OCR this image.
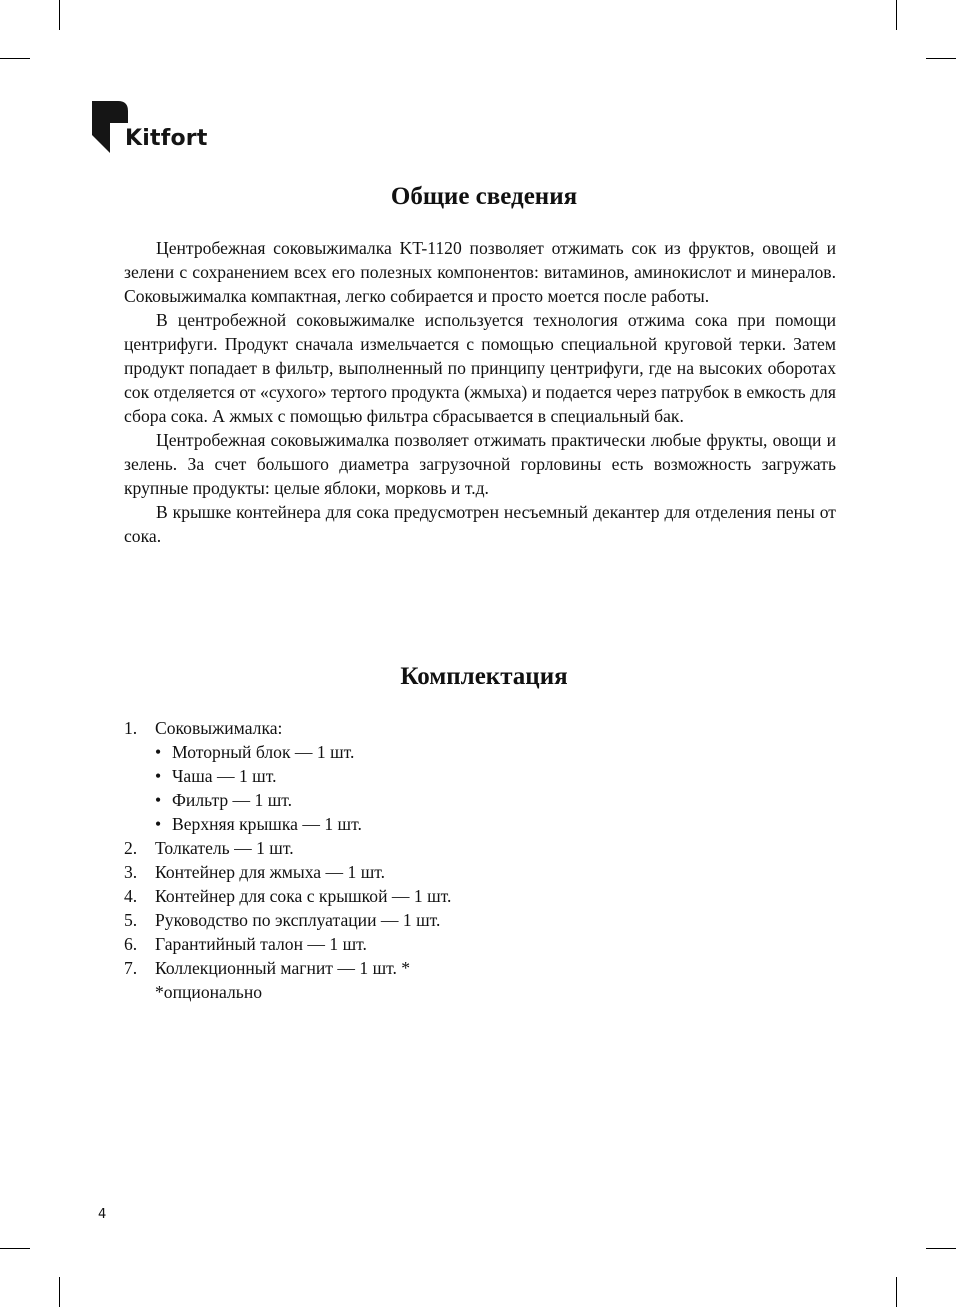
Kitfort
Общие сведения

Центробежная соковыжималка KT-1120 позволяет отжимать сок из фруктов, овощей и зелени с сохранением всех его полезных компонентов: витаминов, аминокислот и минералов. Соковыжималка компактная, легко собирается и просто моется после работы.

В центробежной соковыжималке используется технология отжима сока при помощи центрифуги. Продукт сначала измельчается с помощью специальной круговой терки. Затем продукт попадает в фильтр, выполненный по принципу центрифуги, где на высоких оборотах сок отделяется от «сухого» тертого продукта (жмыха) и подается через патрубок в емкость для сбора сока. А жмых с помощью фильтра сбрасывается в специальный бак.

Центробежная соковыжималка позволяет отжимать практически любые фрукты, овощи и зелень. За счет большого диаметра загрузочной горловины есть возможность загружать крупные продукты: целые яблоки, морковь и т.д.

В крышке контейнера для сока предусмотрен несъемный декантер для отделения пены от сока.

Комплектация
1.	Соковыжималка:
• Моторный блок — 1 шт.
• Чаша — 1 шт.
• Фильтр — 1 шт.
• Верхняя крышка — 1 шт.
2.	Толкатель — 1 шт.
3.	Контейнер для жмыха — 1 шт.
4.	Контейнер для сока с крышкой — 1 шт.
5.	Руководство по эксплуатации — 1 шт.
6.	Гарантийный талон — 1 шт.
7.	Коллекционный магнит — 1 шт. *
*опционально
4
